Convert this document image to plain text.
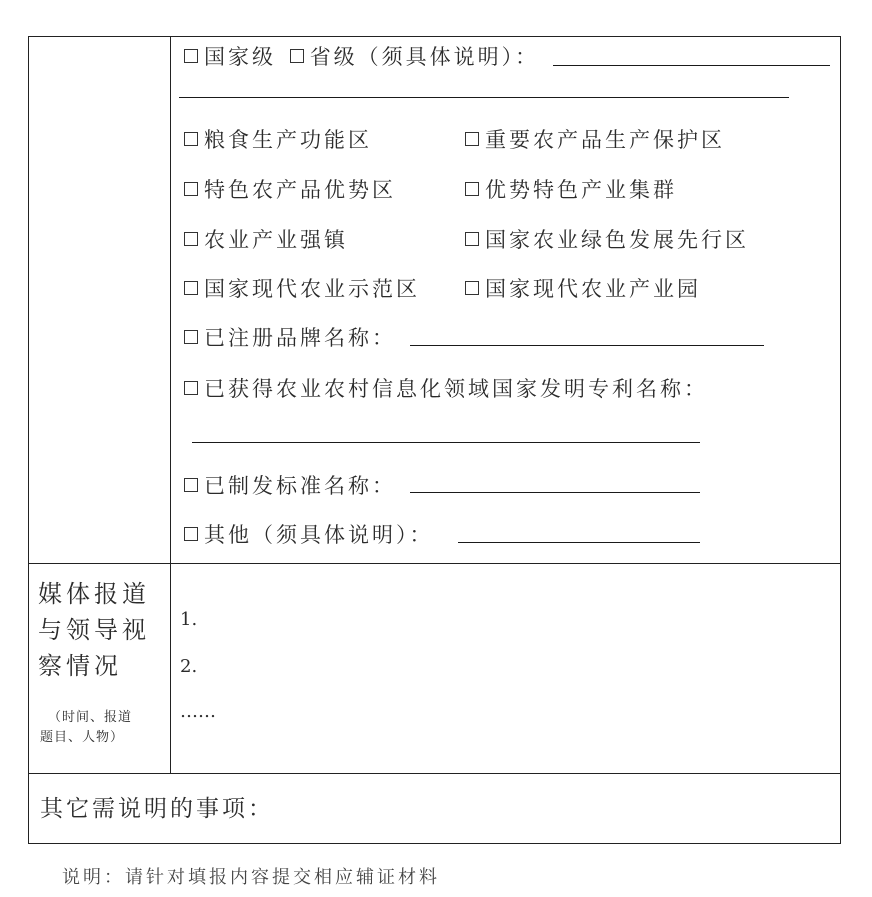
国家级 省级（须具体说明）：
粮食生产功能区
特色农产品优势区
农业产业强镇
国家现代农业示范区
重要农产品生产保护区
优势特色产业集群
国家农业绿色发展先行区
国家现代农业产业园
已注册品牌名称：
已获得农业农村信息化领域国家发明专利名称：
已制发标准名称：
其他（须具体说明）：
媒体报道
与领导视
察情况
（时间、报道
题目、人物）
1.
2.
……
其它需说明的事项：
说明：请针对填报内容提交相应辅证材料
